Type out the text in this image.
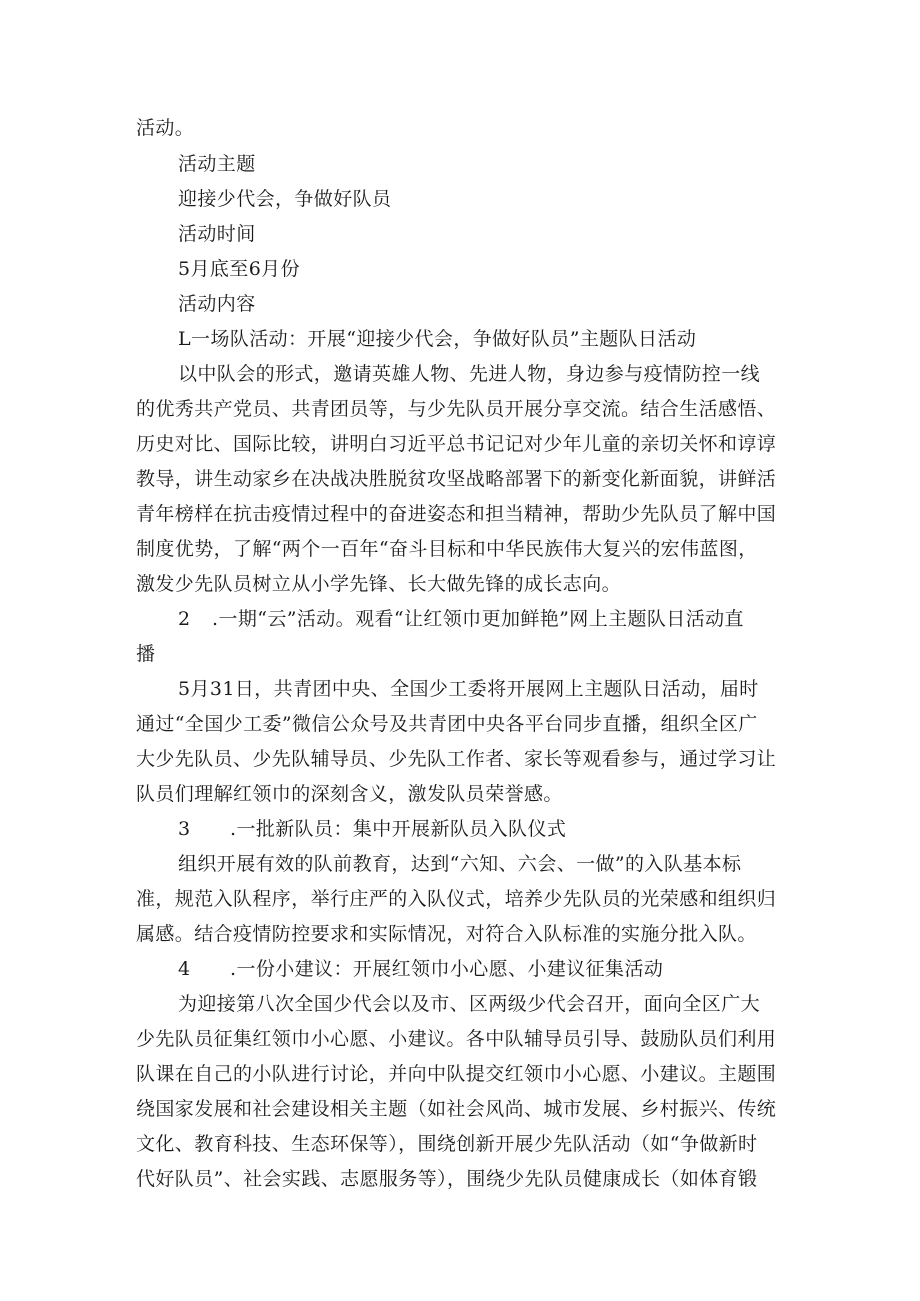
活动。
活动主题
迎接少代会，争做好队员
活动时间
5月底至6月份
活动内容
L一场队活动：开展“迎接少代会，争做好队员”主题队日活动
以中队会的形式，邀请英雄人物、先进人物，身边参与疫情防控一线
的优秀共产党员、共青团员等，与少先队员开展分享交流。结合生活感悟、
历史对比、国际比较，讲明白习近平总书记记对少年儿童的亲切关怀和谆谆
教导，讲生动家乡在决战决胜脱贫攻坚战略部署下的新变化新面貌，讲鲜活
青年榜样在抗击疫情过程中的奋进姿态和担当精神，帮助少先队员了解中国
制度优势，了解“两个一百年“奋斗目标和中华民族伟大复兴的宏伟蓝图，
激发少先队员树立从小学先锋、长大做先锋的成长志向。
2 .一期“云”活动。观看“让红领巾更加鲜艳”网上主题队日活动直
播
5月31日，共青团中央、全国少工委将开展网上主题队日活动，届时
通过“全国少工委”微信公众号及共青团中央各平台同步直播，组织全区广
大少先队员、少先队辅导员、少先队工作者、家长等观看参与，通过学习让
队员们理解红领巾的深刻含义，激发队员荣誉感。
3 .一批新队员：集中开展新队员入队仪式
组织开展有效的队前教育，达到“六知、六会、一做”的入队基本标
准，规范入队程序，举行庄严的入队仪式，培养少先队员的光荣感和组织归
属感。结合疫情防控要求和实际情况，对符合入队标准的实施分批入队。
4 .一份小建议：开展红领巾小心愿、小建议征集活动
为迎接第八次全国少代会以及市、区两级少代会召开，面向全区广大
少先队员征集红领巾小心愿、小建议。各中队辅导员引导、鼓励队员们利用
队课在自己的小队进行讨论，并向中队提交红领巾小心愿、小建议。主题围
绕国家发展和社会建设相关主题（如社会风尚、城市发展、乡村振兴、传统
文化、教育科技、生态环保等），围绕创新开展少先队活动（如“争做新时
代好队员”、社会实践、志愿服务等），围绕少先队员健康成长（如体育锻
